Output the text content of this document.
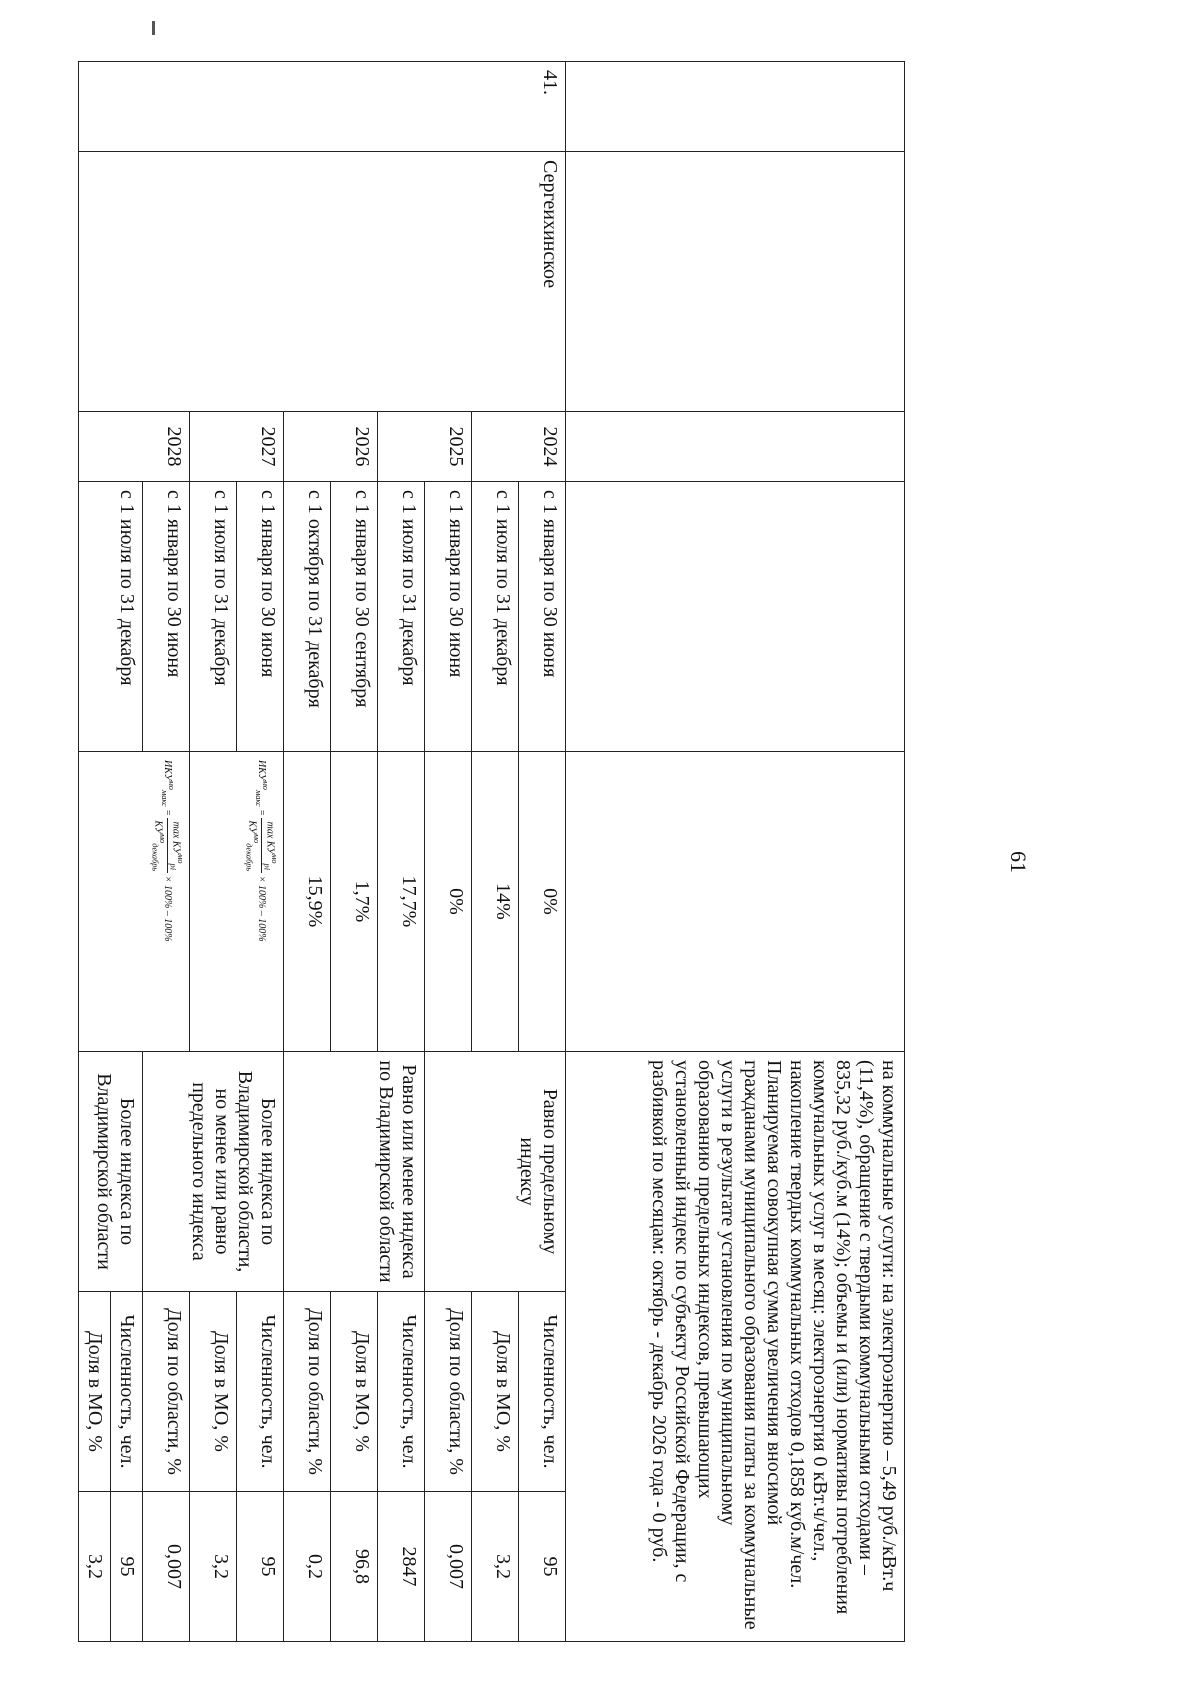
61
					на коммунальные услуги: на электроэнергию – 5,49 руб./кВт.ч (11,4%), обращение с твердыми коммунальными отходами – 835,32 руб./куб.м (14%); объемы и (или) нормативы потребления коммунальных услуг в месяц: электроэнергия 0 кВт.ч/чел., накопление твердых коммунальных отходов 0,1858 куб.м/чел. Планируемая совокупная сумма увеличения вносимой гражданами муниципального образования платы за коммунальные услуги в результате установления по муниципальному образованию предельных индексов, превышающих установленный индекс по субъекту Российской Федерации, с разбивкой по месяцам: октябрь - декабрь 2026 года - 0 руб.		
41.	Сергеихинское	2024	с 1 января по 30 июня	0%	Равно предельному индексу	Численность, чел.	95
			с 1 июля по 31 декабря	14%		Доля в МО, %	3,2
		2025	с 1 января по 30 июня	0%		Доля по области, %	0,007
			с 1 июля по 31 декабря	17,7%	Равно или менее индекса по Владимирской области	Численность, чел.	2847
		2026	с 1 января по 30 сентября	1,7%		Доля в МО, %	96,8
			с 1 октября по 31 декабря	15,9%		Доля по области, %	0,2
		2027	с 1 января по 30 июня	$ИКУ^{мо}_{макс}$ =
$\max КУ^{мо}_{рi}$
$КУ^{мо}_{декабрь}$
× 100% – 100%	Более индекса по Владимирской области, но менее или равно предельного индекса	Численность, чел.	95
			с 1 июля по 31 декабря			Доля в МО, %	3,2
		2028	с 1 января по 30 июня	$ИКУ^{мо}_{макс}$ =
$\max КУ^{мо}_{рi}$
$КУ^{мо}_{декабрь}$
× 100% – 100%		Доля по области, %	0,007
			с 1 июля по 31 декабря		Более индекса по Владимирской области	Численность, чел.	95
						Доля в МО, %	3,2
